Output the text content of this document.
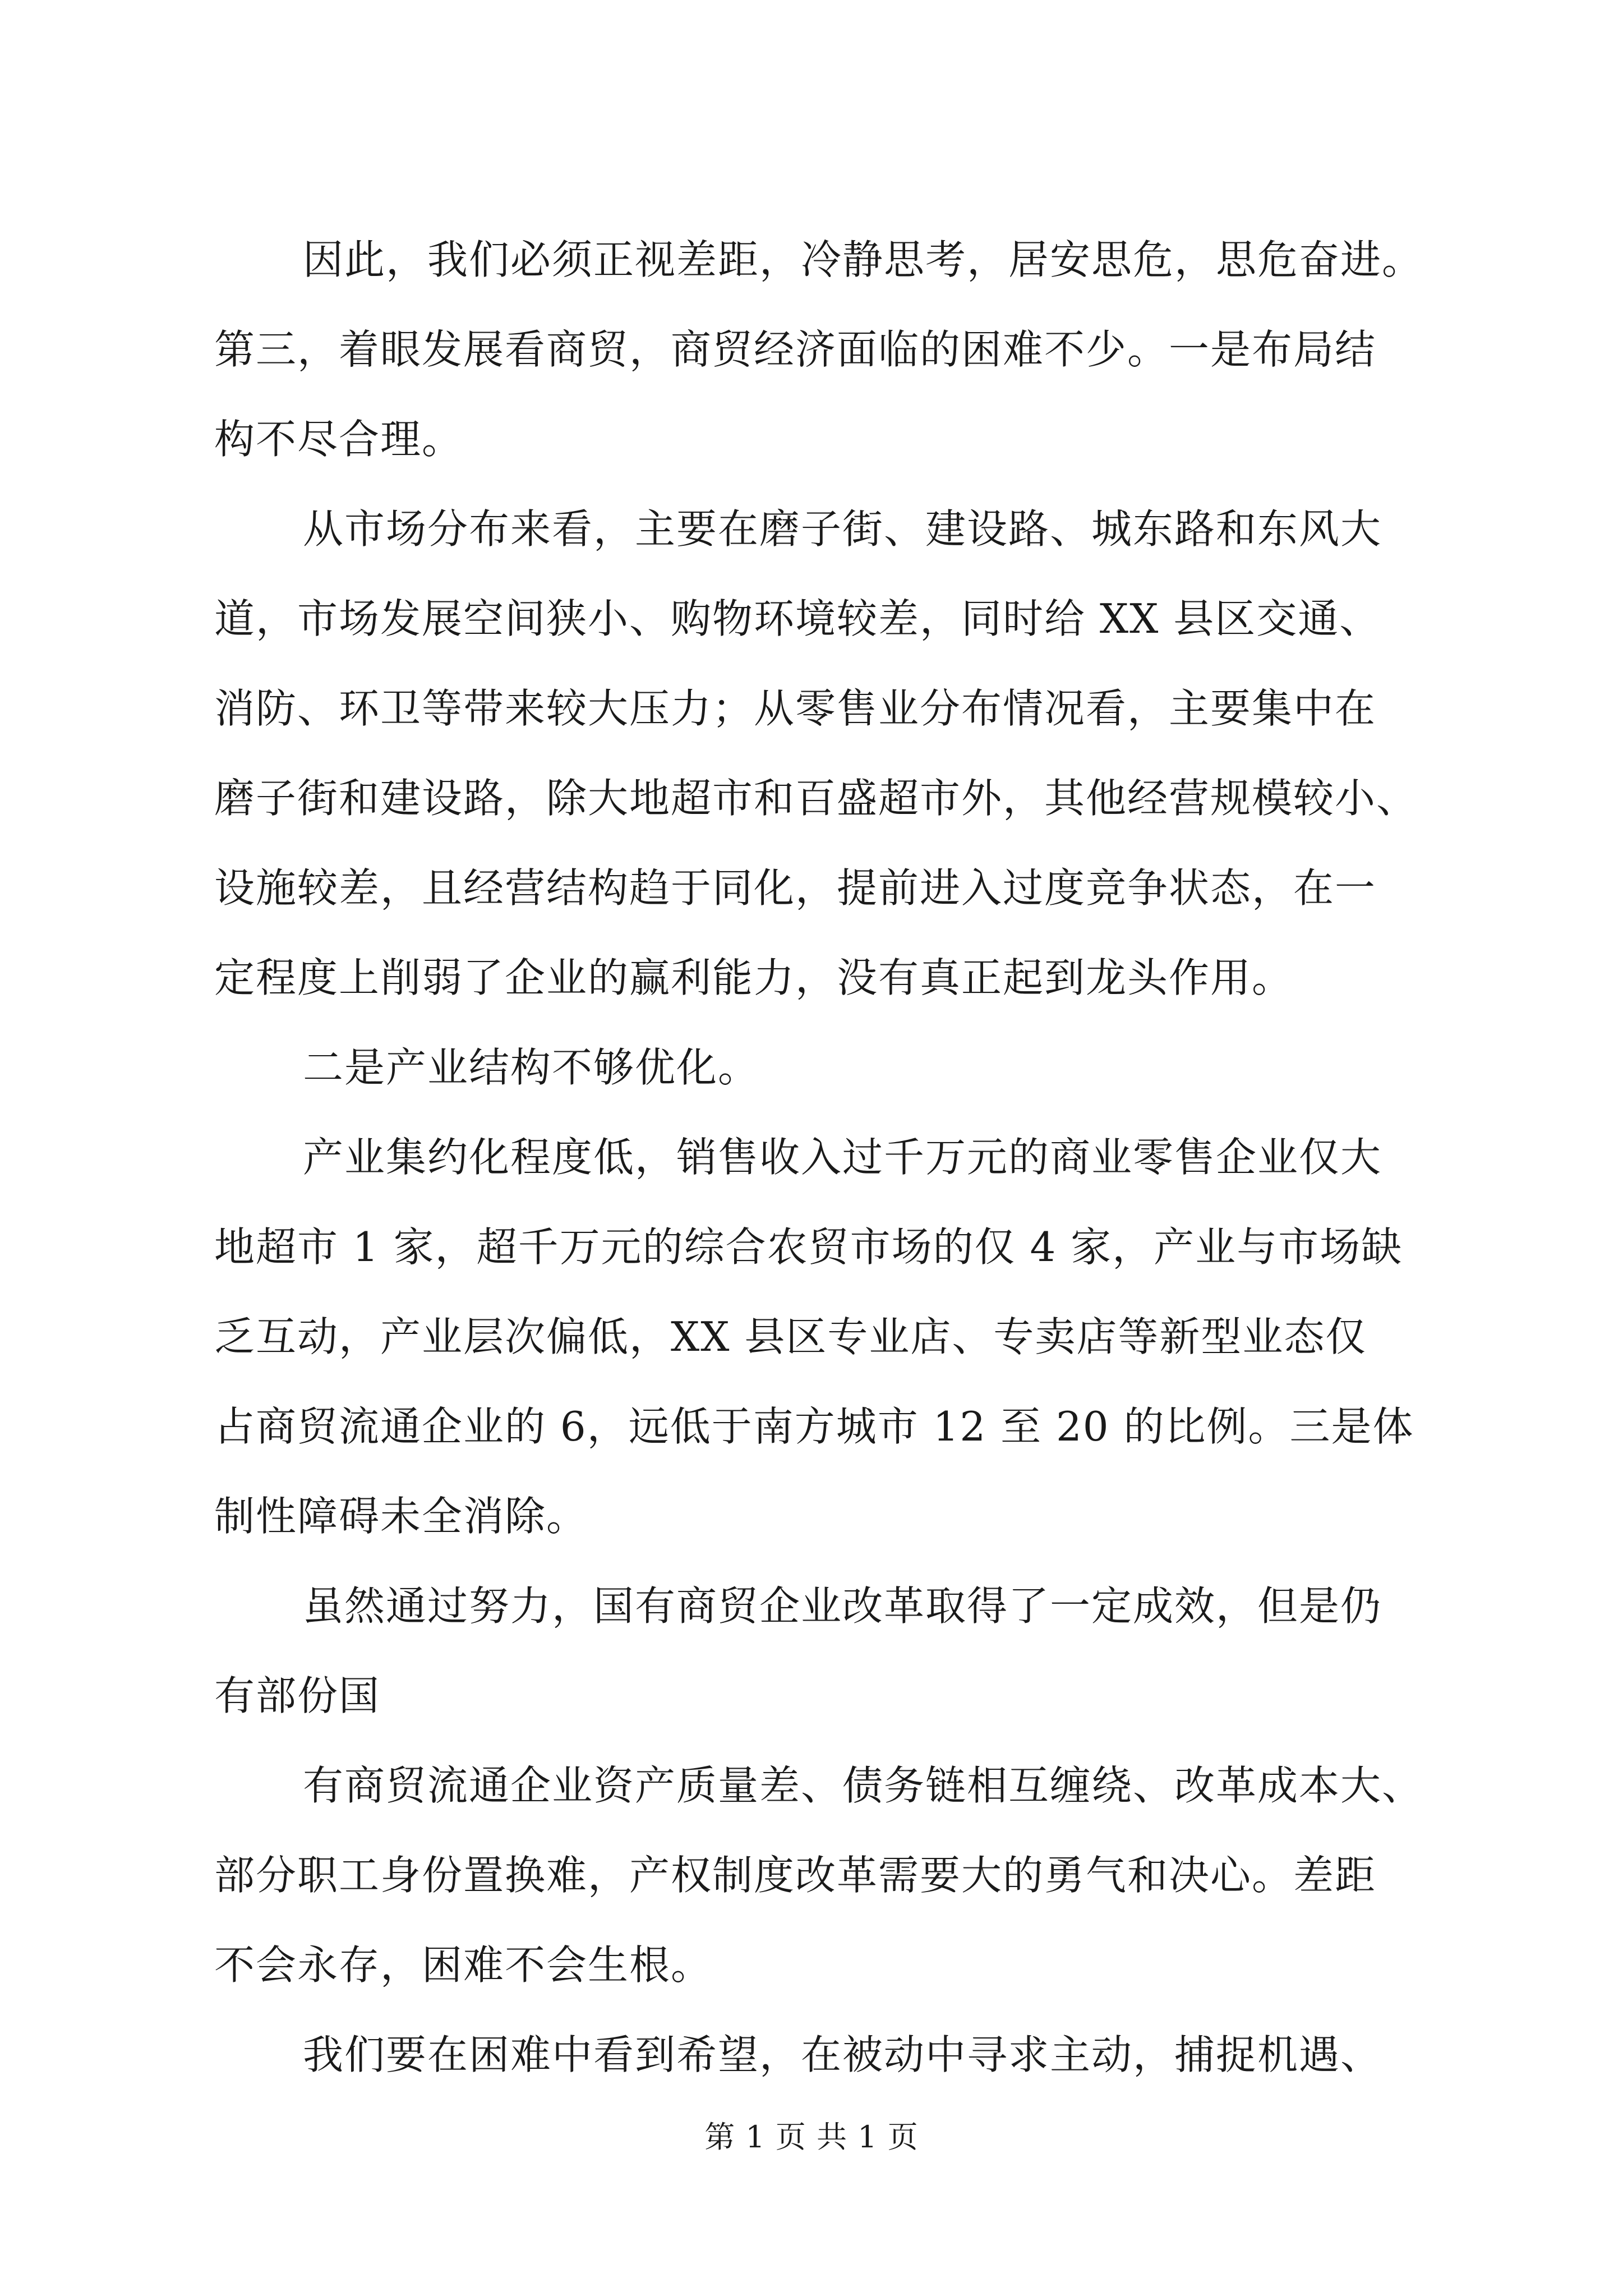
因此，我们必须正视差距，冷静思考，居安思危，思危奋进。
第三，着眼发展看商贸，商贸经济面临的困难不少。一是布局结
构不尽合理。
从市场分布来看，主要在磨子街、建设路、城东路和东风大
道，市场发展空间狭小、购物环境较差，同时给 XX 县区交通、
消防、环卫等带来较大压力；从零售业分布情况看，主要集中在
磨子街和建设路，除大地超市和百盛超市外，其他经营规模较小、
设施较差，且经营结构趋于同化，提前进入过度竞争状态，在一
定程度上削弱了企业的赢利能力，没有真正起到龙头作用。
二是产业结构不够优化。
产业集约化程度低，销售收入过千万元的商业零售企业仅大
地超市 1 家，超千万元的综合农贸市场的仅 4 家，产业与市场缺
乏互动，产业层次偏低，XX 县区专业店、专卖店等新型业态仅
占商贸流通企业的 6，远低于南方城市 12 至 20 的比例。三是体
制性障碍未全消除。
虽然通过努力，国有商贸企业改革取得了一定成效，但是仍
有部份国
有商贸流通企业资产质量差、债务链相互缠绕、改革成本大、
部分职工身份置换难，产权制度改革需要大的勇气和决心。差距
不会永存，困难不会生根。
我们要在困难中看到希望，在被动中寻求主动，捕捉机遇、
第 1 页 共 1 页
